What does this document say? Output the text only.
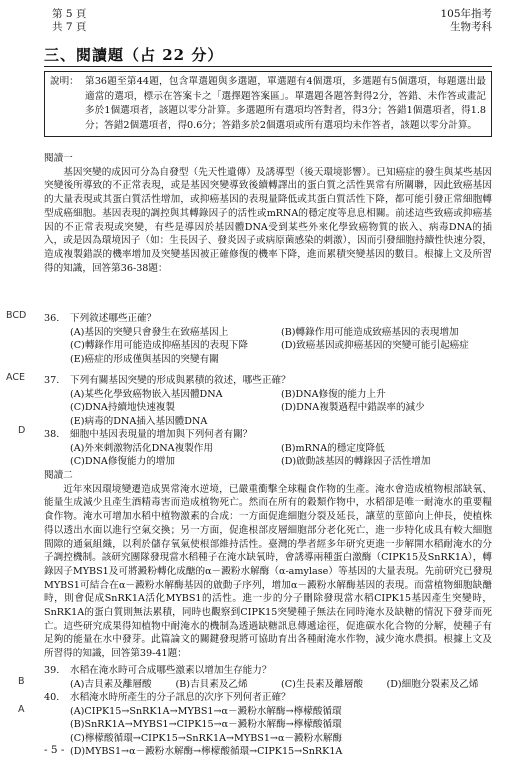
第 5 頁
共 7 頁
105年指考
生物考科
三、閱讀題（占 22 分）
說明： 第36題至第44題，包含單選題與多選題，單選題有4個選項，多選題有5個選項，每題選出最適當的選項，標示在答案卡之「選擇題答案區」。單選題各題答對得2分，答錯、未作答或畫記多於1個選項者，該題以零分計算。多選題所有選項均答對者，得3分；答錯1個選項者，得1.8分；答錯2個選項者，得0.6分；答錯多於2個選項或所有選項均未作答者，該題以零分計算。

閱讀一

基因突變的成因可分為自發型（先天性遺傳）及誘導型（後天環境影響）。已知癌症的發生與某些基因突變後所導致的不正常表現，或是基因突變導致後續轉譯出的蛋白質之活性異常有所關聯，因此致癌基因的大量表現或其蛋白質活性增加，或抑癌基因的表現量降低或其蛋白質活性下降，都可能引發正常細胞轉型成癌細胞。基因表現的調控與其轉錄因子的活性或mRNA的穩定度等息息相關。前述這些致癌或抑癌基因的不正常表現或突變，有些是導因於基因體DNA受到某些外來化學致癌物質的嵌入、病毒DNA的插入，或是因為環境因子（如：生長因子、發炎因子或病原菌感染的刺激），因而引發細胞持續性快速分裂，造成複製錯誤的機率增加及突變基因被正確修復的機率下降，進而累積突變基因的數目。根據上文及所習得的知識，回答第36-38題：

BCD 36. 下列敘述哪些正確？
(A)基因的突變只會發生在致癌基因上	(B)轉錄作用可能造成致癌基因的表現增加
(C)轉錄作用可能造成抑癌基因的表現下降	(D)致癌基因或抑癌基因的突變可能引起癌症
(E)癌症的形成僅與基因的突變有關
ACE 37. 下列有關基因突變的形成與累積的敘述，哪些正確？
(A)某些化學致癌物嵌入基因體DNA	(B)DNA修復的能力上升
(C)DNA持續地快速複製	(D)DNA複製過程中錯誤率的減少
(E)病毒的DNA插入基因體DNA
D 38. 細胞中基因表現量的增加與下列何者有關？
(A)外來刺激物活化DNA複製作用	(B)mRNA的穩定度降低
(C)DNA修復能力的增加	(D)啟動該基因的轉錄因子活性增加

閱讀二

近年來因環境變遷造成異常淹水逆境，已嚴重衝擊全球糧食作物的生產。淹水會造成植物根部缺氧、能量生成減少且產生酒精毒害而造成植物死亡。然而在所有的穀類作物中，水稻卻是唯一耐淹水的重要糧食作物。淹水可增加水稻中植物激素的合成：一方面促進細胞分裂及延長，讓莖的莖節向上伸長，使植株得以透出水面以進行空氣交換；另一方面，促進根部皮層細胞部分老化死亡，進一步特化成具有較大細胞間隙的通氣組織，以利於儲存氧氣使根部維持活性。臺灣的學者經多年研究更進一步解開水稻耐淹水的分子調控機制。該研究團隊發現當水稻種子在淹水缺氧時，會誘導兩種蛋白激酶（CIPK15及SnRK1A），轉錄因子MYBS1及可將澱粉轉化成醣的α－澱粉水解酶（α-amylase）等基因的大量表現。先前研究已發現MYBS1可結合在α－澱粉水解酶基因的啟動子序列，增加α－澱粉水解酶基因的表現。而當植物細胞缺醣時，則會促成SnRK1A活化MYBS1的活性。進一步的分子刪除發現當水稻CIPK15基因產生突變時，SnRK1A的蛋白質則無法累積，同時也觀察到CIPK15突變種子無法在同時淹水及缺糖的情況下發芽而死亡。這些研究成果得知植物中耐淹水的機制為透過缺糖訊息傳遞途徑，促進碳水化合物的分解，使種子有足夠的能量在水中發芽。此篇論文的關鍵發現將可協助育出各種耐淹水作物，減少淹水農損。根據上文及所習得的知識，回答第39-41題：

B
39. 水稻在淹水時可合成哪些激素以增加生存能力？
(A)吉貝素及離層酸	(B)吉貝素及乙烯	(C)生長素及離層酸	(D)細胞分裂素及乙烯
A
40. 水稻淹水時所產生的分子訊息的次序下列何者正確？
(A)CIPK15→SnRK1A→MYBS1→α－澱粉水解酶→檸檬酸循環
(B)SnRK1A→MYBS1→CIPK15→α－澱粉水解酶→檸檬酸循環
(C)檸檬酸循環→CIPK15→SnRK1A→MYBS1→α－澱粉水解酶
(D)MYBS1→α－澱粉水解酶→檸檬酸循環→CIPK15→SnRK1A
- 5 -
